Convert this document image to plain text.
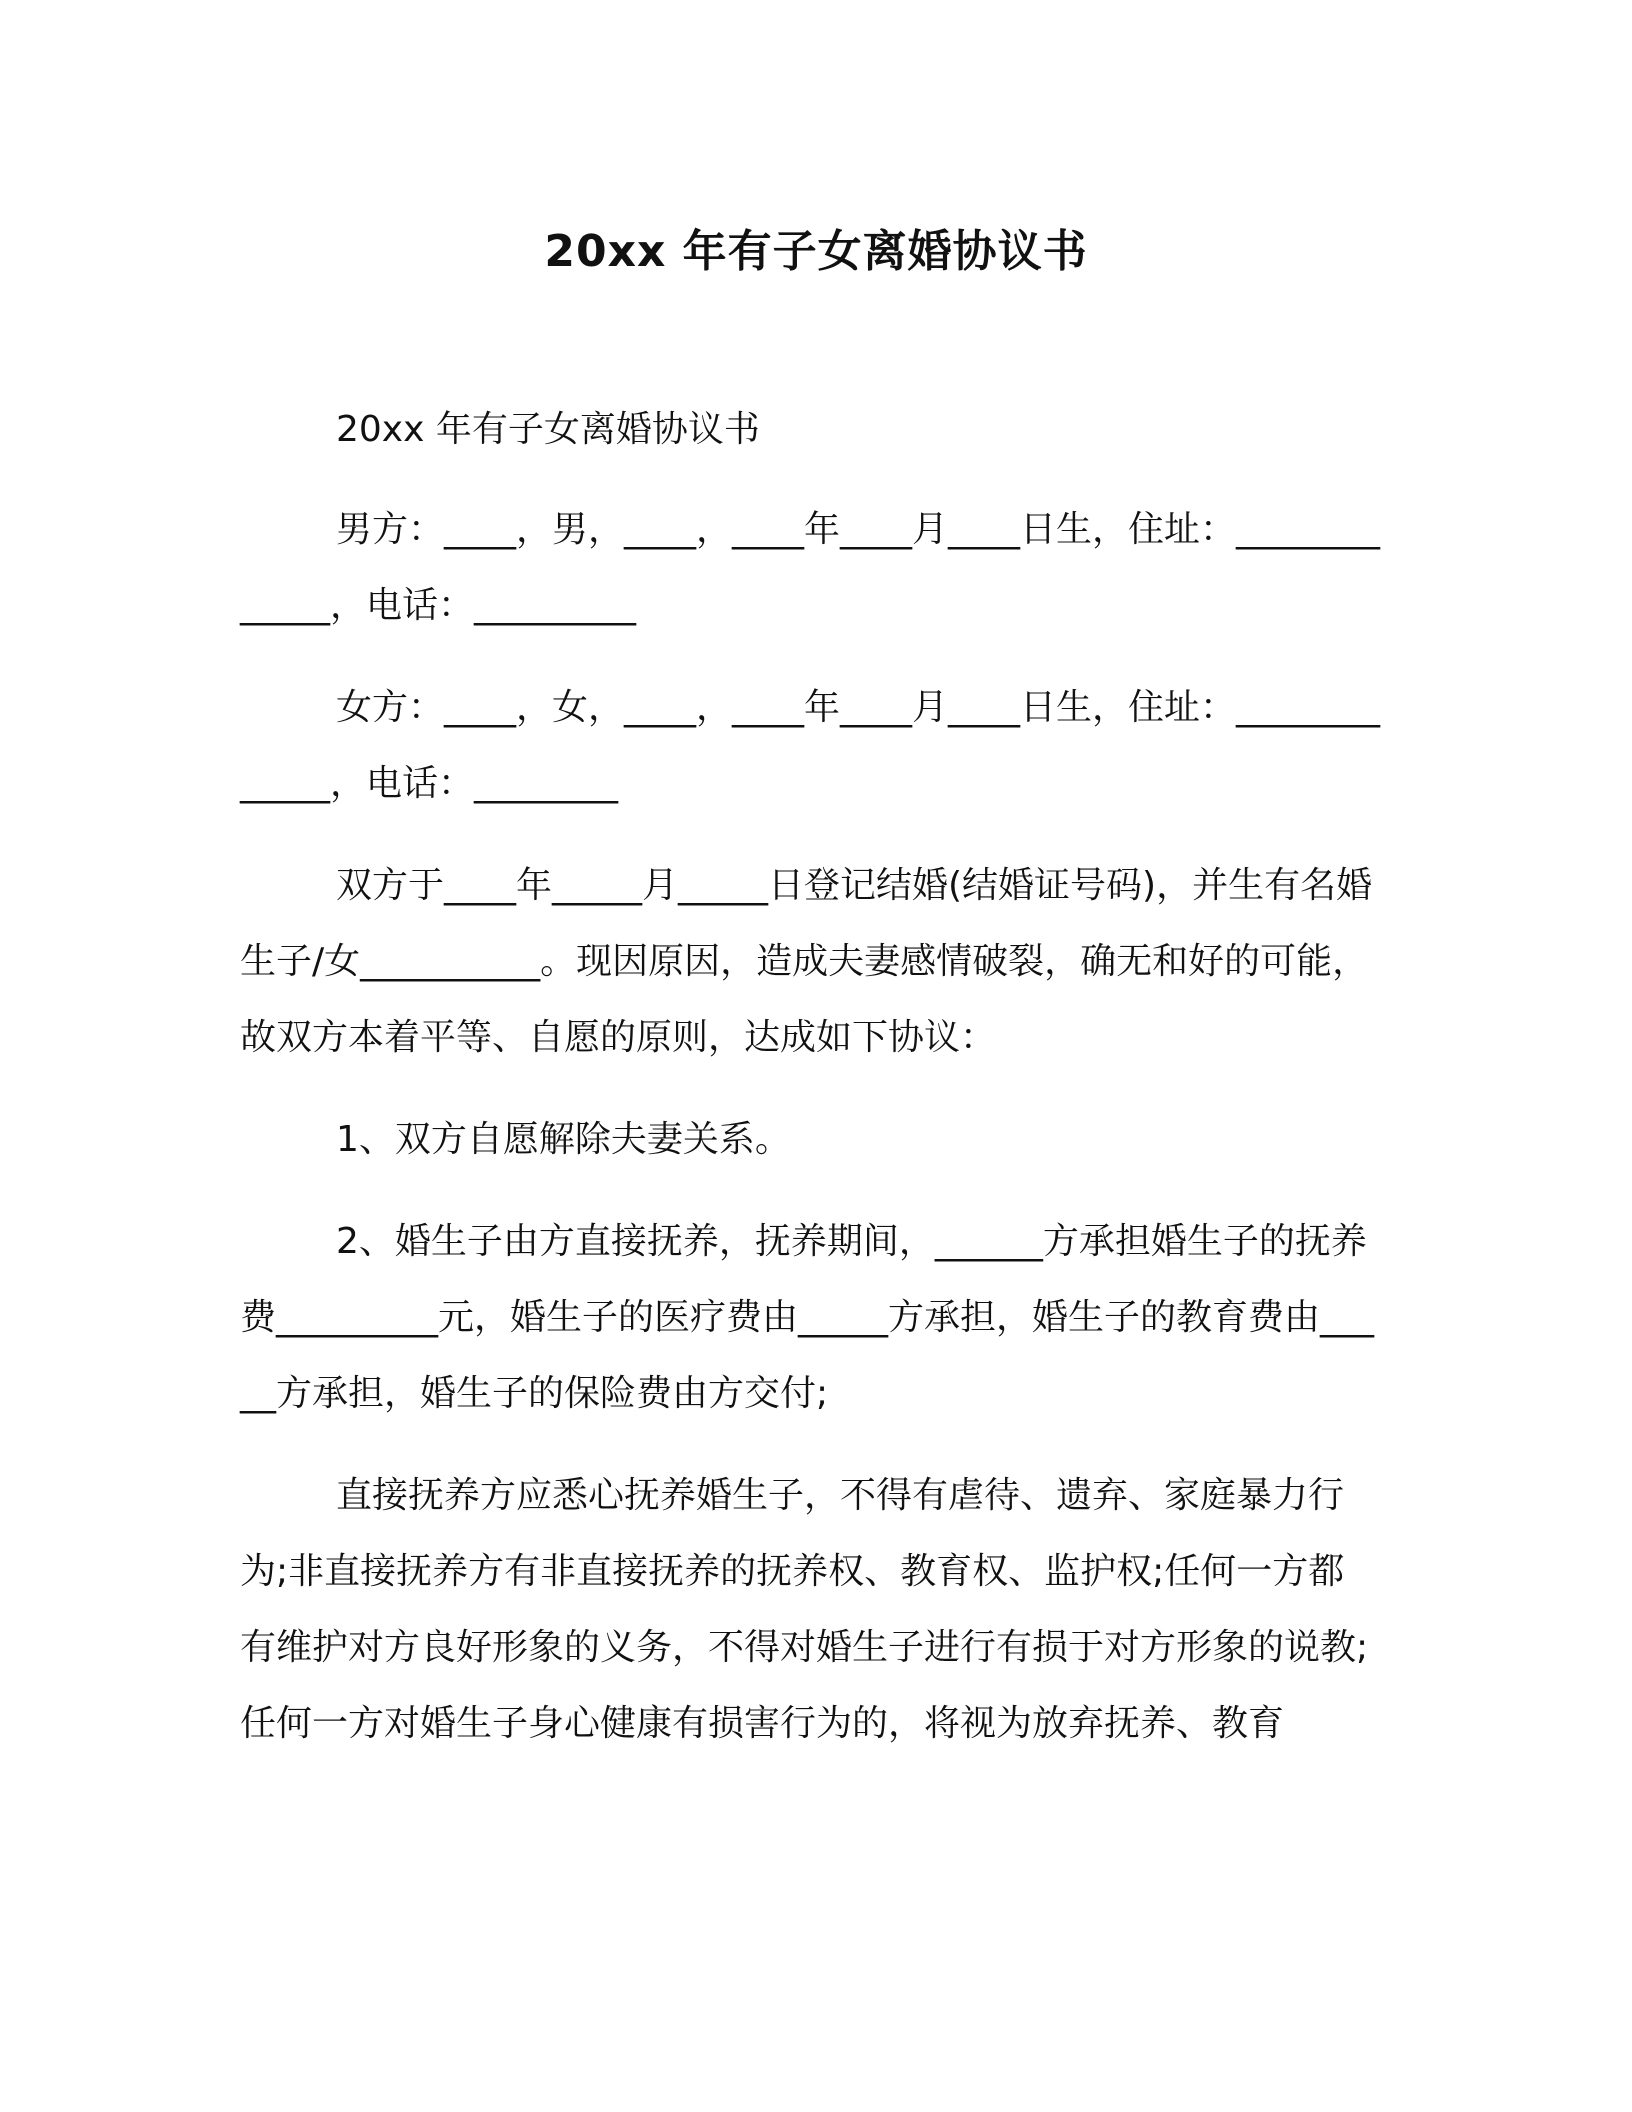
20xx 年有子女离婚协议书

20xx 年有子女离婚协议书

男方：____，男，____，____年____月____日生，住址：_____________，电话：_________

女方：____，女，____，____年____月____日生，住址：_____________，电话：________

双方于____年_____月_____日登记结婚(结婚证号码)，并生有名婚生子/女__________。现因原因，造成夫妻感情破裂，确无和好的可能，故双方本着平等、自愿的原则，达成如下协议：

1、双方自愿解除夫妻关系。

2、婚生子由方直接抚养，抚养期间，______方承担婚生子的抚养费_________元，婚生子的医疗费由_____方承担，婚生子的教育费由_____方承担，婚生子的保险费由方交付;

直接抚养方应悉心抚养婚生子，不得有虐待、遗弃、家庭暴力行为;非直接抚养方有非直接抚养的抚养权、教育权、监护权;任何一方都有维护对方良好形象的义务，不得对婚生子进行有损于对方形象的说教;任何一方对婚生子身心健康有损害行为的，将视为放弃抚养、教育
